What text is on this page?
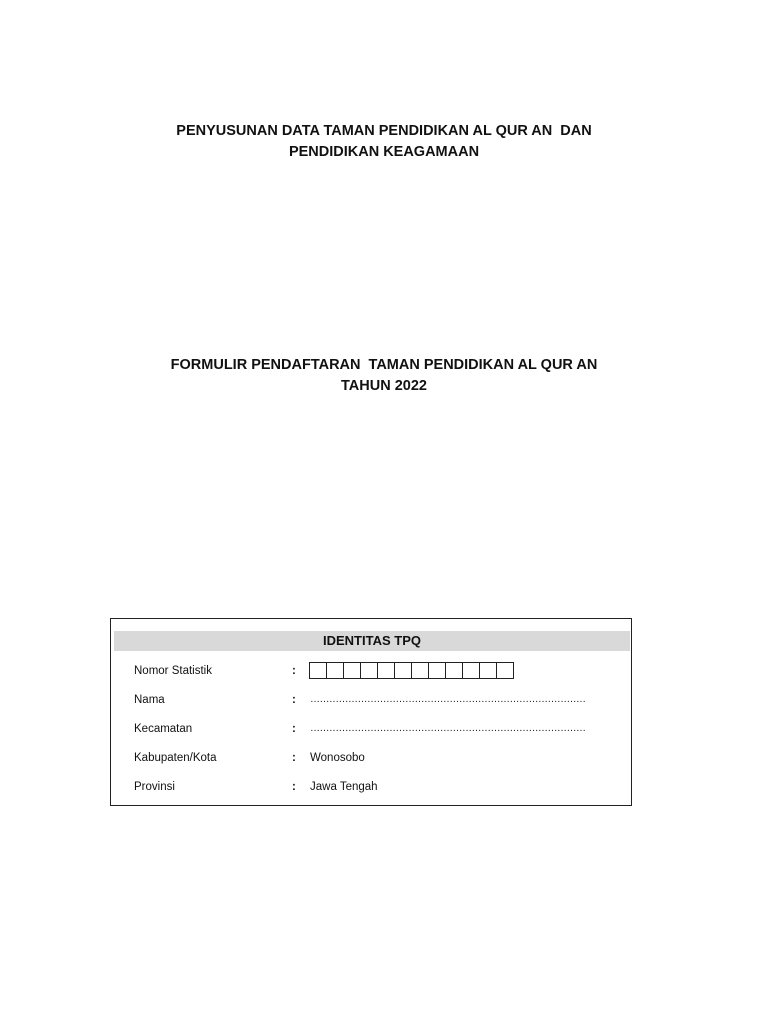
PENYUSUNAN DATA TAMAN PENDIDIKAN AL QUR AN  DAN
PENDIDIKAN KEAGAMAAN
FORMULIR PENDAFTARAN  TAMAN PENDIDIKAN AL QUR AN
TAHUN 2022
IDENTITAS TPQ
Nomor Statistik	:
Nama	: ……………………………………………………………………………
Kecamatan	: ……………………………………………………………………………
Kabupaten/Kota	: Wonosobo
Provinsi	: Jawa Tengah
